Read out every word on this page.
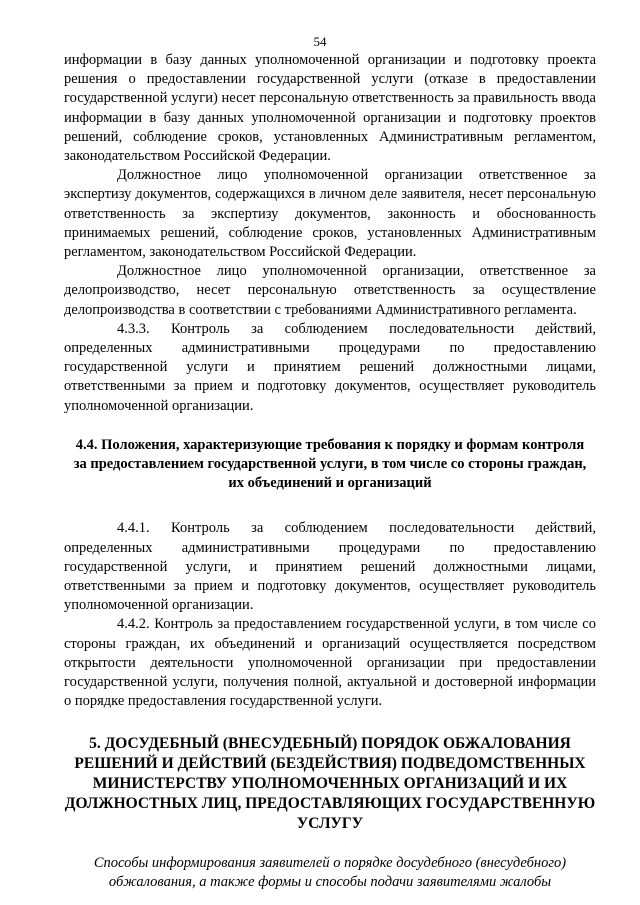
54

информации в базу данных уполномоченной организации и подготовку проекта решения о предоставлении государственной услуги (отказе в предоставлении государственной услуги) несет персональную ответственность за правильность ввода информации в базу данных уполномоченной организации и подготовку проектов решений, соблюдение сроков, установленных Административным регламентом, законодательством Российской Федерации.

Должностное лицо уполномоченной организации ответственное за экспертизу документов, содержащихся в личном деле заявителя, несет персональную ответственность за экспертизу документов, законность и обоснованность принимаемых решений, соблюдение сроков, установленных Административным регламентом, законодательством Российской Федерации.

Должностное лицо уполномоченной организации, ответственное за делопроизводство, несет персональную ответственность за осуществление делопроизводства в соответствии с требованиями Административного регламента.

4.3.3. Контроль за соблюдением последовательности действий, определенных административными процедурами по предоставлению государственной услуги и принятием решений должностными лицами, ответственными за прием и подготовку документов, осуществляет руководитель уполномоченной организации.

4.4. Положения, характеризующие требования к порядку и формам контроля за предоставлением государственной услуги, в том числе со стороны граждан, их объединений и организаций

4.4.1. Контроль за соблюдением последовательности действий, определенных административными процедурами по предоставлению государственной услуги, и принятием решений должностными лицами, ответственными за прием и подготовку документов, осуществляет руководитель уполномоченной организации.

4.4.2. Контроль за предоставлением государственной услуги, в том числе со стороны граждан, их объединений и организаций осуществляется посредством открытости деятельности уполномоченной организации при предоставлении государственной услуги, получения полной, актуальной и достоверной информации о порядке предоставления государственной услуги.

5. ДОСУДЕБНЫЙ (ВНЕСУДЕБНЫЙ) ПОРЯДОК ОБЖАЛОВАНИЯ РЕШЕНИЙ И ДЕЙСТВИЙ (БЕЗДЕЙСТВИЯ) ПОДВЕДОМСТВЕННЫХ МИНИСТЕРСТВУ УПОЛНОМОЧЕННЫХ ОРГАНИЗАЦИЙ И ИХ ДОЛЖНОСТНЫХ ЛИЦ, ПРЕДОСТАВЛЯЮЩИХ ГОСУДАРСТВЕННУЮ УСЛУГУ

Способы информирования заявителей о порядке досудебного (внесудебного) обжалования, а также формы и способы подачи заявителями жалобы
